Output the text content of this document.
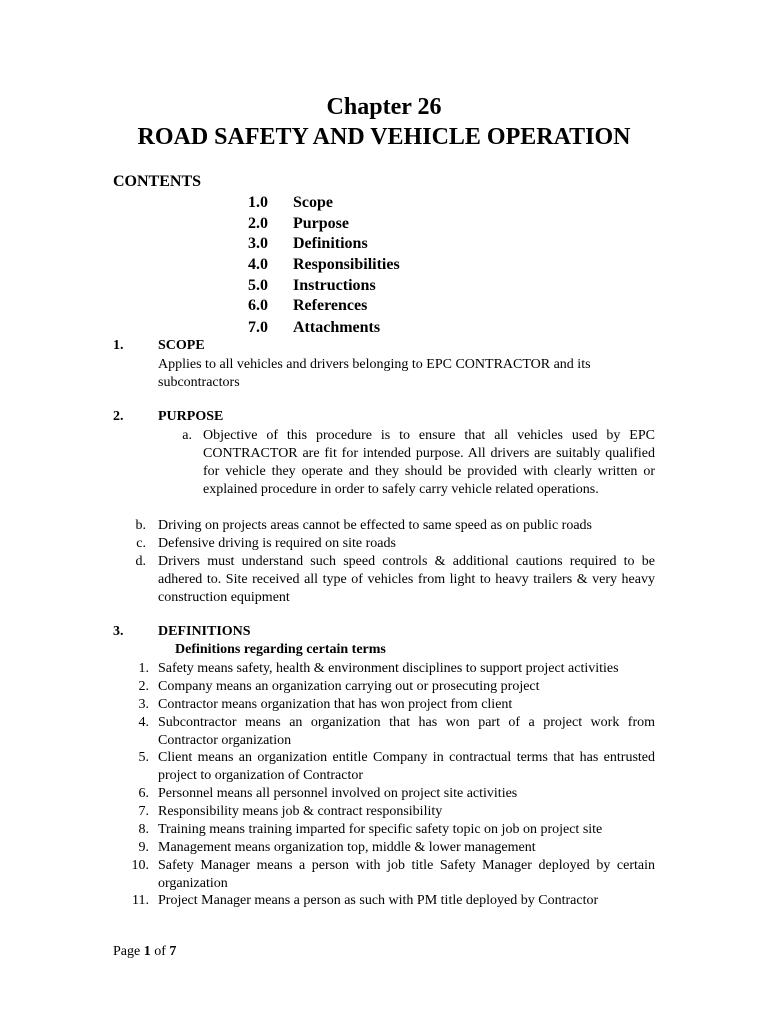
Chapter 26
ROAD SAFETY AND VEHICLE OPERATION
CONTENTS
1.0 Scope
2.0 Purpose
3.0 Definitions
4.0 Responsibilities
5.0 Instructions
6.0 References
7.0 Attachments
1. SCOPE
Applies to all vehicles and drivers belonging to EPC CONTRACTOR and its subcontractors
2. PURPOSE
a. Objective of this procedure is to ensure that all vehicles used by EPC CONTRACTOR are fit for intended purpose. All drivers are suitably qualified for vehicle they operate and they should be provided with clearly written or explained procedure in order to safely carry vehicle related operations.
b. Driving on projects areas cannot be effected to same speed as on public roads
c. Defensive driving is required on site roads
d. Drivers must understand such speed controls & additional cautions required to be adhered to. Site received all type of vehicles from light to heavy trailers & very heavy construction equipment
3. DEFINITIONS
Definitions regarding certain terms
1. Safety means safety, health & environment disciplines to support project activities
2. Company means an organization carrying out or prosecuting project
3. Contractor means organization that has won project from client
4. Subcontractor means an organization that has won part of a project work from Contractor organization
5. Client means an organization entitle Company in contractual terms that has entrusted project to organization of Contractor
6. Personnel means all personnel involved on project site activities
7. Responsibility means job & contract responsibility
8. Training means training imparted for specific safety topic on job on project site
9. Management means organization top, middle & lower management
10. Safety Manager means a person with job title Safety Manager deployed by certain organization
11. Project Manager means a person as such with PM title deployed by Contractor
Page 1 of 7
